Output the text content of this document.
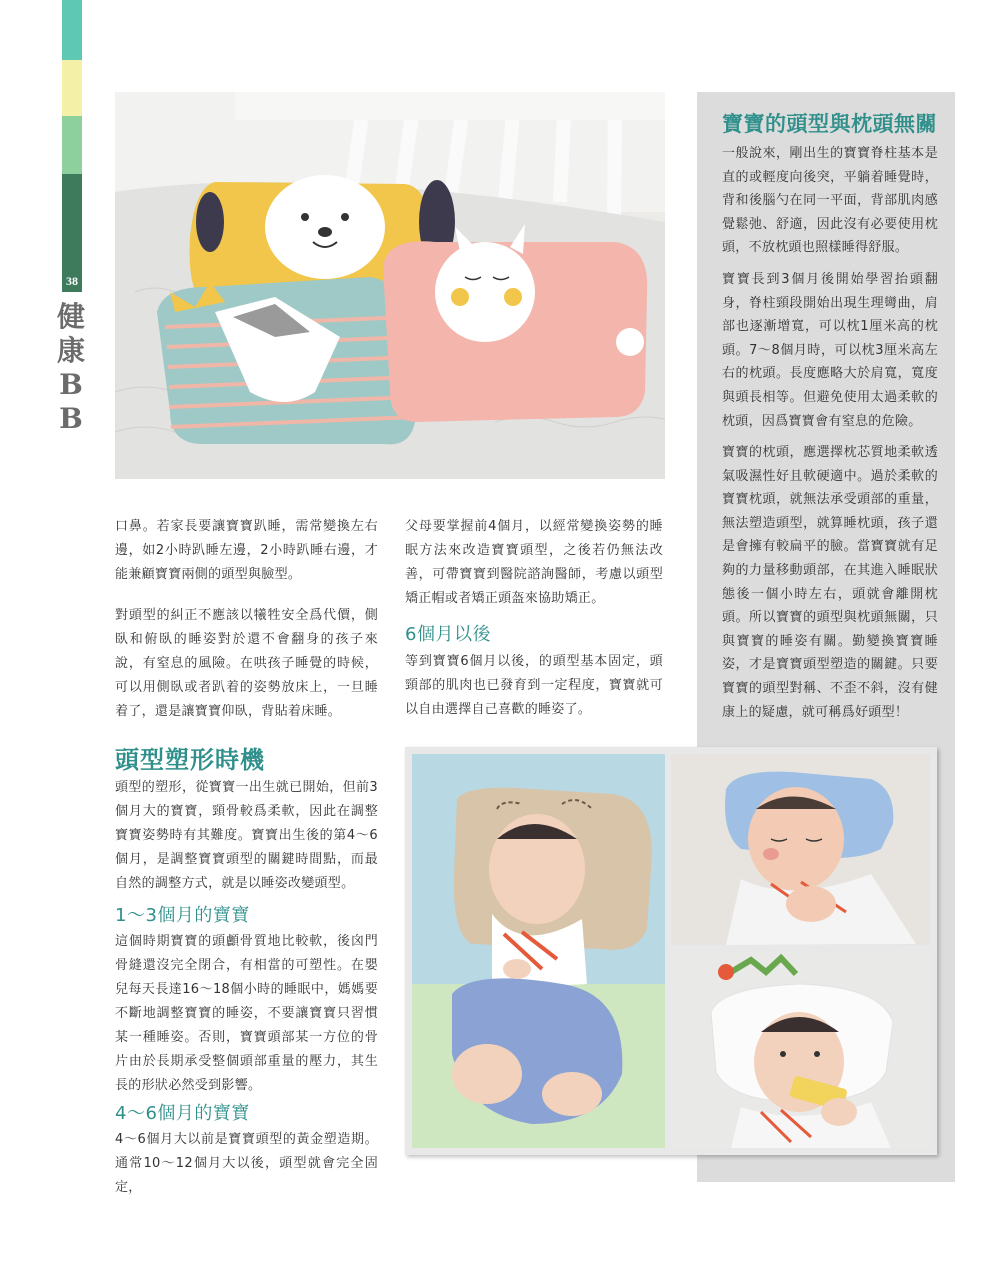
38
健康BB

口鼻。若家長要讓寶寶趴睡，需常變換左右邊，如2小時趴睡左邊，2小時趴睡右邊，才能兼顧寶寶兩側的頭型與臉型。

對頭型的糾正不應該以犧牲安全爲代價，側臥和俯臥的睡姿對於還不會翻身的孩子來說，有窒息的風險。在哄孩子睡覺的時候，可以用側臥或者趴着的姿勢放床上，一旦睡着了，還是讓寶寶仰臥，背貼着床睡。

父母要掌握前4個月，以經常變換姿勢的睡眠方法來改造寶寶頭型，之後若仍無法改善，可帶寶寶到醫院諮詢醫師，考慮以頭型矯正帽或者矯正頭盔來協助矯正。

6個月以後

等到寶寶6個月以後，的頭型基本固定，頭頸部的肌肉也已發育到一定程度，寶寶就可以自由選擇自己喜歡的睡姿了。

頭型塑形時機

頭型的塑形，從寶寶一出生就已開始，但前3個月大的寶寶，頸骨較爲柔軟，因此在調整寶寶姿勢時有其難度。寶寶出生後的第4～6個月，是調整寶寶頭型的關鍵時間點，而最自然的調整方式，就是以睡姿改變頭型。

1～3個月的寶寶

這個時期寶寶的頭顱骨質地比較軟，後囟門骨縫還沒完全閉合，有相當的可塑性。在嬰兒每天長達16～18個小時的睡眠中，媽媽要不斷地調整寶寶的睡姿，不要讓寶寶只習慣某一種睡姿。否則，寶寶頭部某一方位的骨片由於長期承受整個頭部重量的壓力，其生長的形狀必然受到影響。

4～6個月的寶寶

4～6個月大以前是寶寶頭型的黃金塑造期。通常10～12個月大以後，頭型就會完全固定，

寶寶的頭型與枕頭無關

一般說來，剛出生的寶寶脊柱基本是直的或輕度向後突，平躺着睡覺時，背和後腦勺在同一平面，背部肌肉感覺鬆弛、舒適，因此沒有必要使用枕頭，不放枕頭也照樣睡得舒服。

寶寶長到3個月後開始學習抬頭翻身，脊柱頸段開始出現生理彎曲，肩部也逐漸增寬，可以枕1厘米高的枕頭。7～8個月時，可以枕3厘米高左右的枕頭。長度應略大於肩寬，寬度與頭長相等。但避免使用太過柔軟的枕頭，因爲寶寶會有窒息的危險。

寶寶的枕頭，應選擇枕芯質地柔軟透氣吸濕性好且軟硬適中。過於柔軟的寶寶枕頭，就無法承受頭部的重量，無法塑造頭型，就算睡枕頭，孩子還是會擁有較扁平的臉。當寶寶就有足夠的力量移動頭部，在其進入睡眠狀態後一個小時左右，頭就會離開枕頭。所以寶寶的頭型與枕頭無關，只與寶寶的睡姿有關。勤變換寶寶睡姿，才是寶寶頭型塑造的關鍵。只要寶寶的頭型對稱、不歪不斜，沒有健康上的疑慮，就可稱爲好頭型！
